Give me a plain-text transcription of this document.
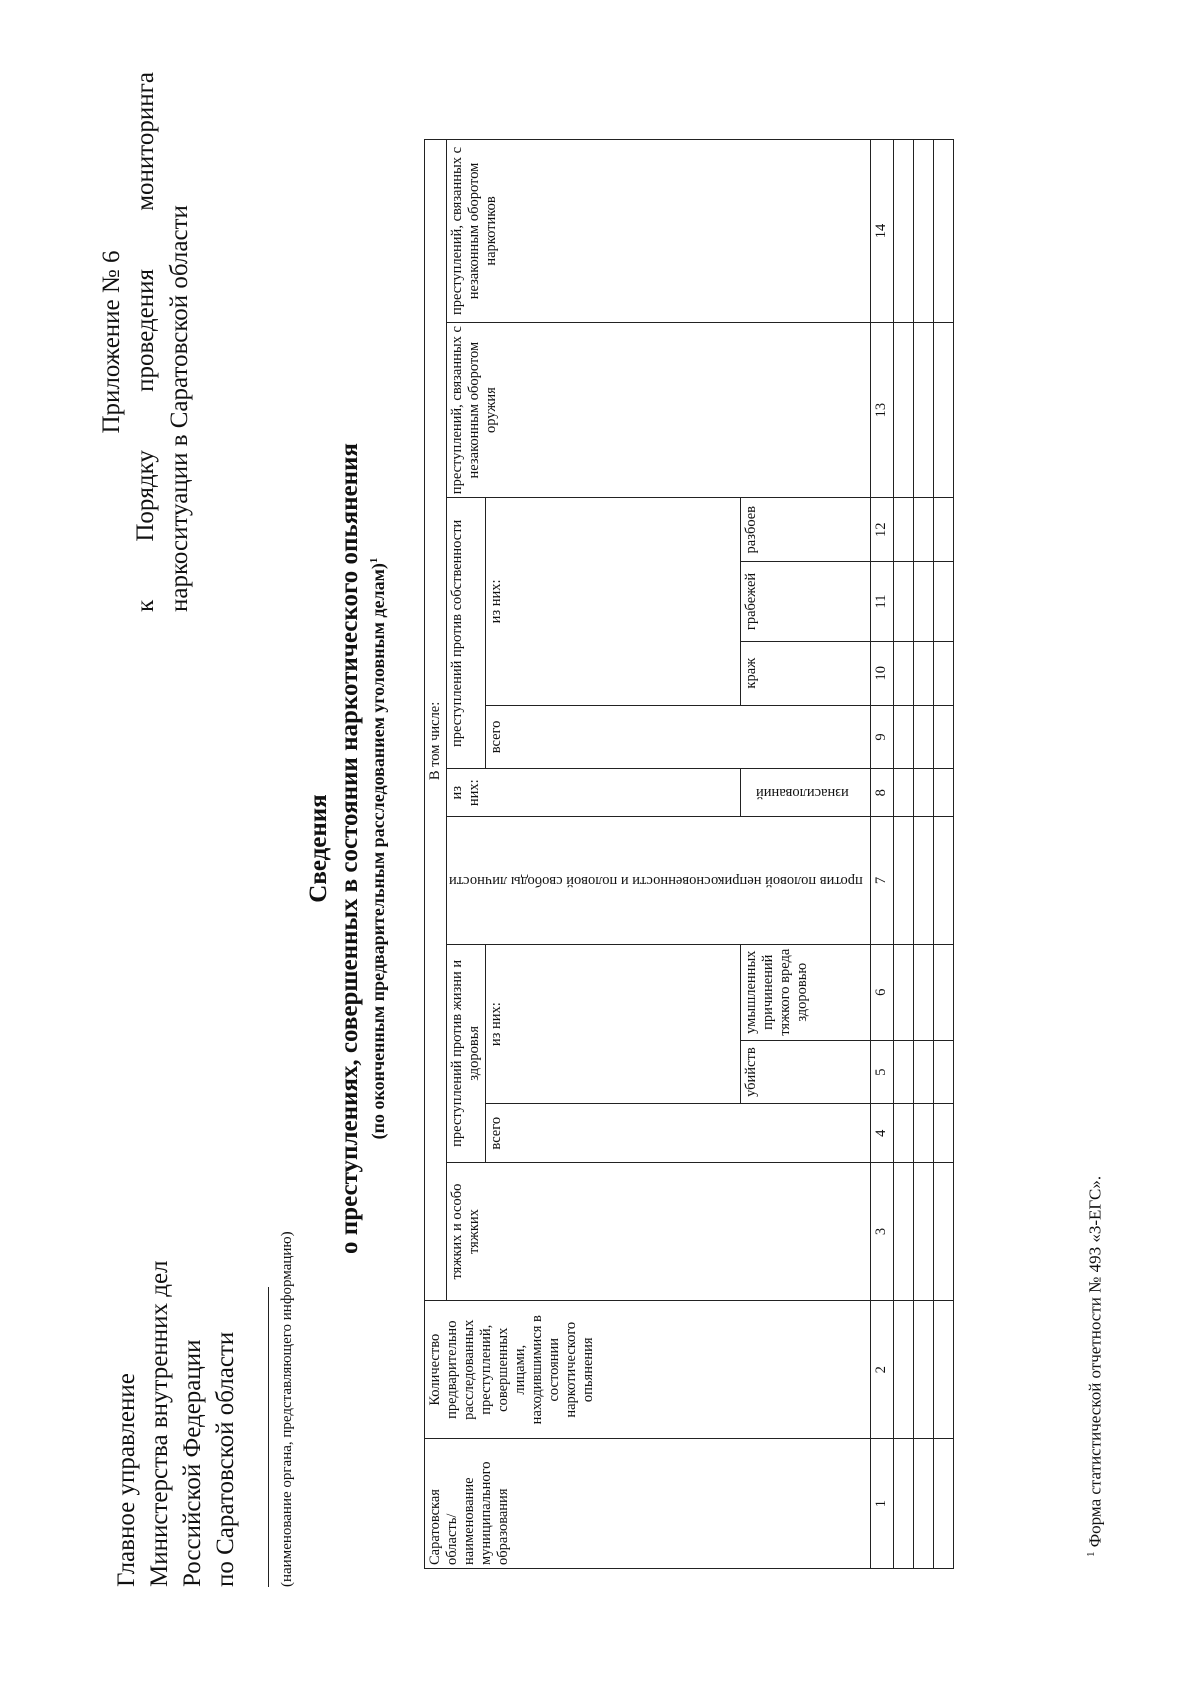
Главное управление Министерства внутренних дел Российской Федерации по Саратовской области	(наименование органа, представляющего информацию)
Приложение № 6 к Порядку проведения мониторинга наркоситуации в Саратовской области
Сведения о преступлениях, совершенных в состоянии наркотического опьянения (по оконченным предварительным расследованием уголовным делам)$^1$
Саратовская область/ наименование муниципального образования	Количество предварительно расследованных преступлений, совершенных лицами, находившимися в состоянии наркотического опьянения	В том числе:											
		тяжких и особо тяжких	преступлений против жизни и здоровья			против половой неприкосновенности и половой свободы личности	из них:	преступлений против собственности				преступлений, связанных с незаконным оборотом оружия	преступлений, связанных с незаконным оборотом наркотиков
			всего	из них:				всего	из них:				
				убийств	умышленных причинений тяжкого вреда здоровью		изнасилований		краж	грабежей	разбоев		
1	2	3	4	5	6	7	8	9	10	11	12	13	14

$^1$ Форма статистической отчетности № 493 «3-ЕГС».
